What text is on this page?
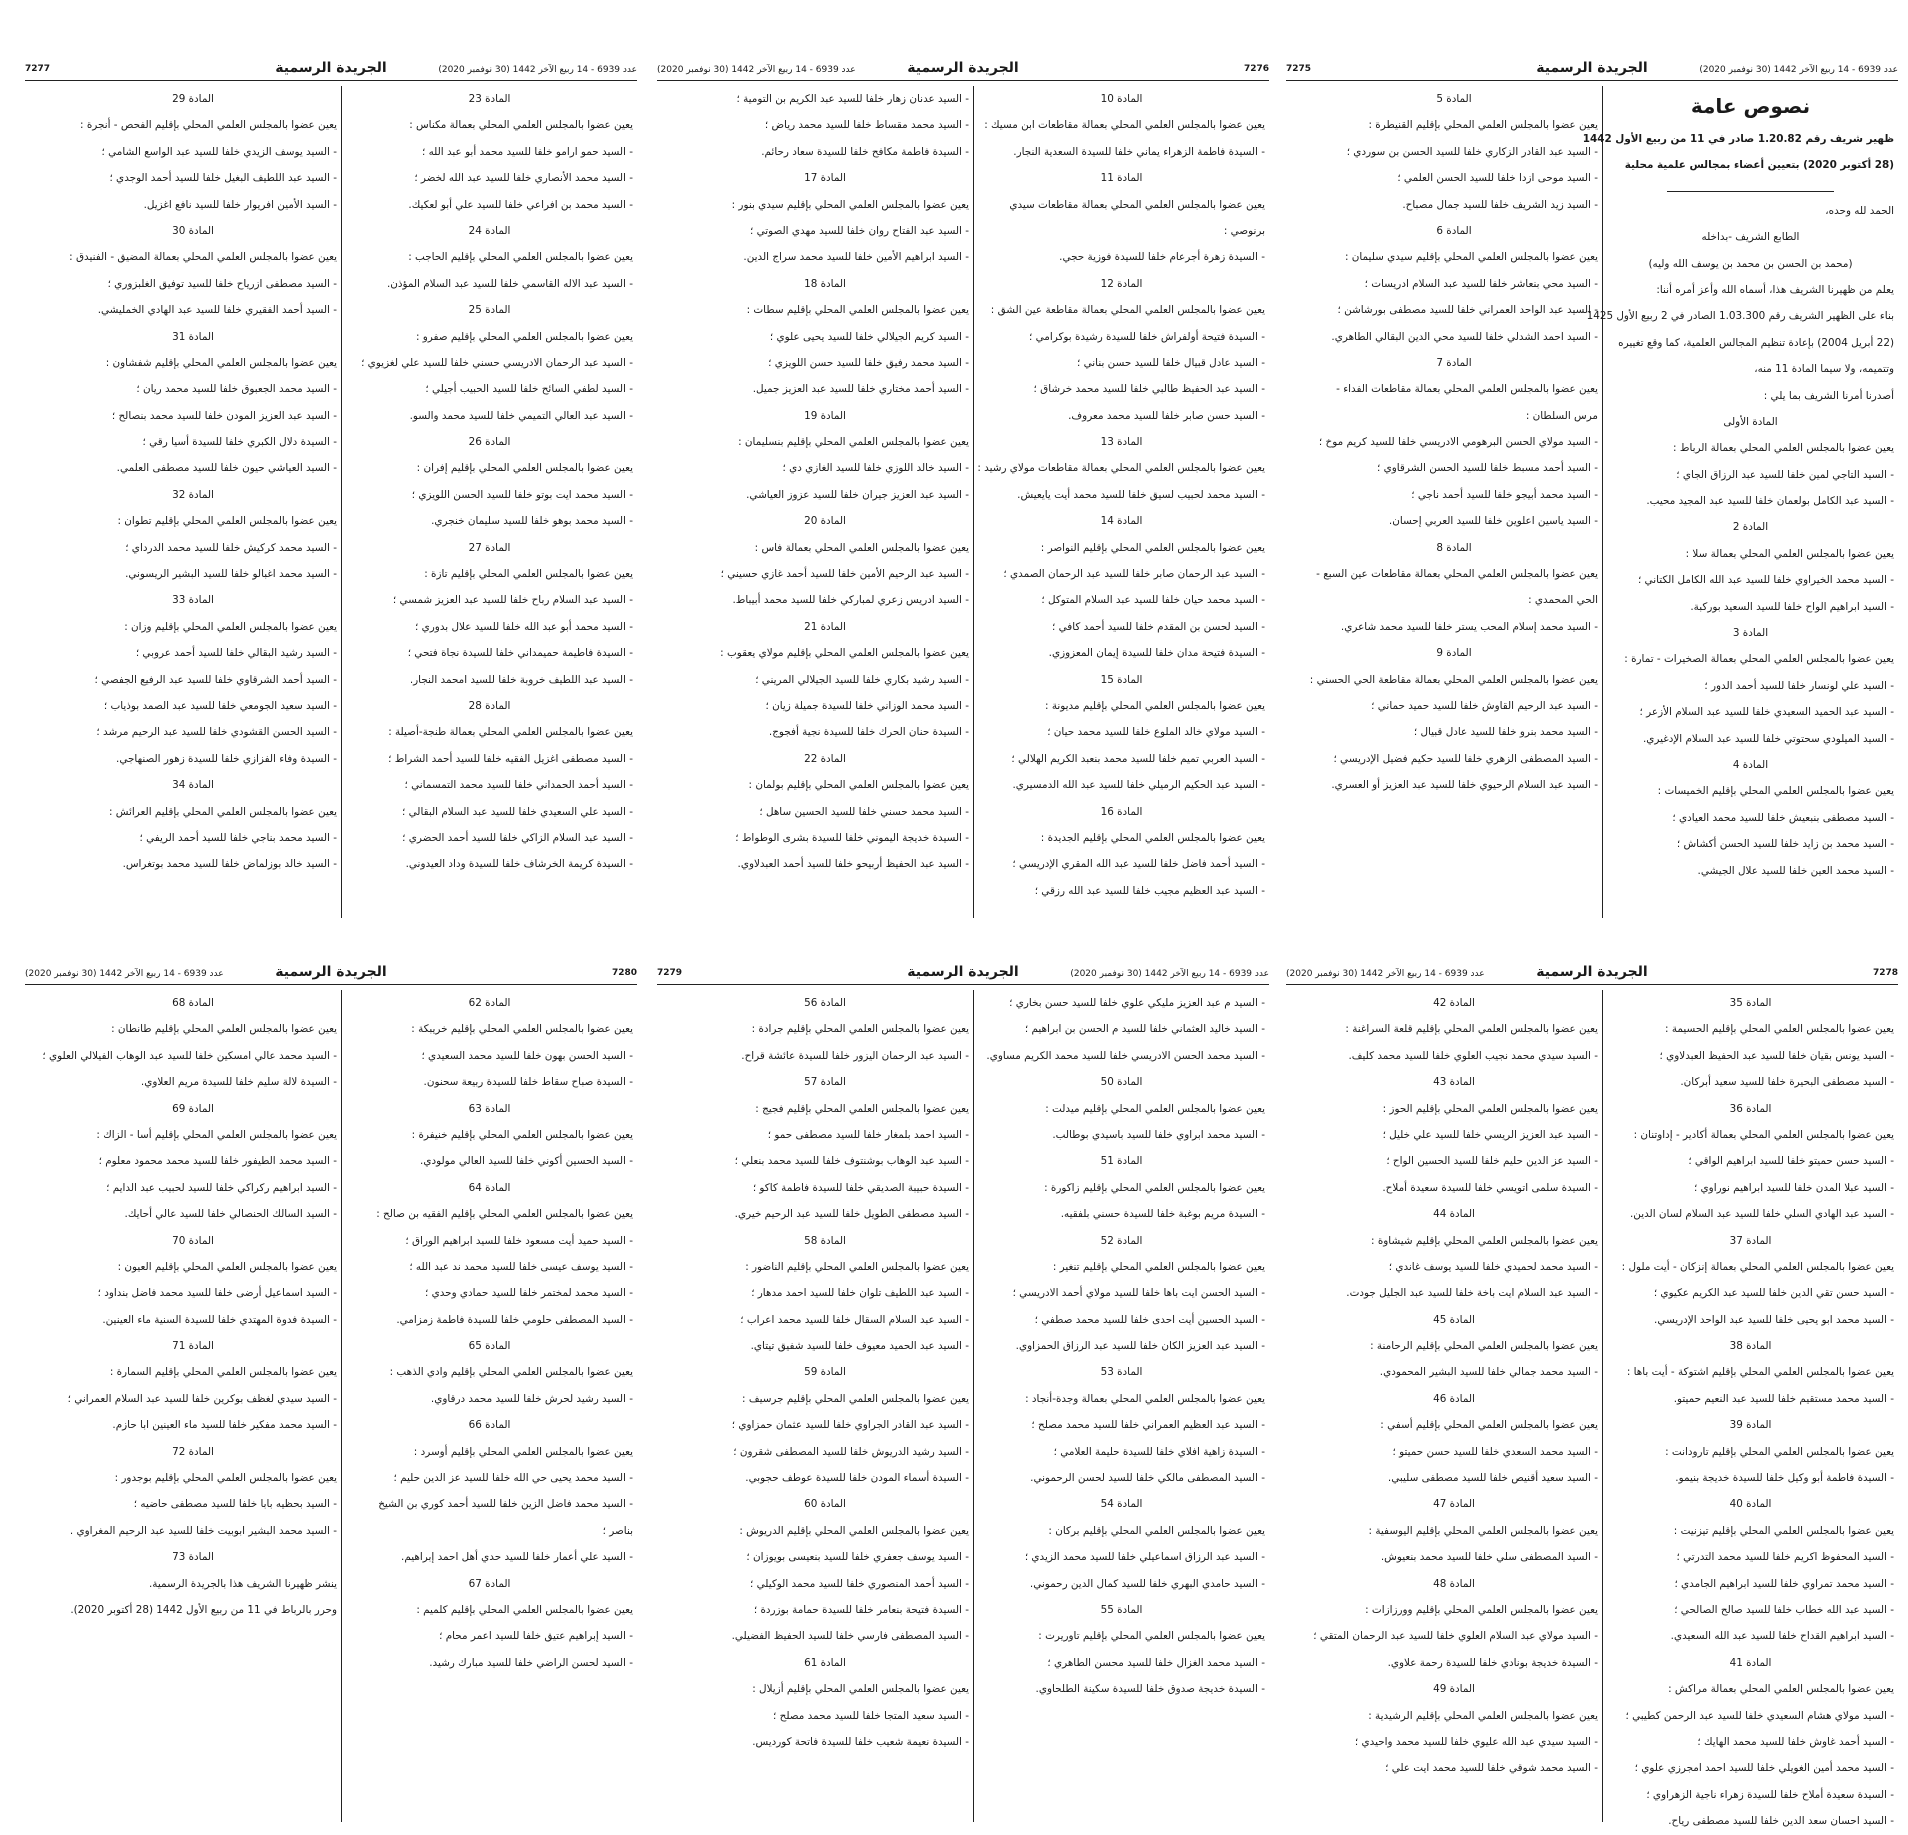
7275	الجريدة الرسمية	عدد 6939 - 14 ربيع الآخر 1442 (30 نوفمبر 2020)
نصوص عامة
ظهير شريف رقم 1.20.82 صادر في 11 من ربيع الأول 1442
(28 أكتوبر 2020) بتعيين أعضاء بمجالس علمية محلية
الحمد لله وحده،
الطابع الشريف -بداخله
(محمد بن الحسن بن محمد بن يوسف الله وليه)
يعلم من ظهيرنا الشريف هذا، أسماه الله وأعز أمره أننا:
بناء على الظهير الشريف رقم 1.03.300 الصادر في 2 ربيع الأول 1425
(22 أبريل 2004) بإعادة تنظيم المجالس العلمية، كما وقع تغييره
وتتميمه، ولا سيما المادة 11 منه،
أصدرنا أمرنا الشريف بما يلي :
المادة الأولى
يعين عضوا بالمجلس العلمي المحلي بعمالة الرباط :
- السيد التاجي لمين خلفا للسيد عبد الرزاق الجاي ؛
- السيد عبد الكامل بولعمان خلفا للسيد عبد المجيد محيب.
المادة 2
يعين عضوا بالمجلس العلمي المحلي بعمالة سلا :
- السيد محمد الخيراوي خلفا للسيد عبد الله الكامل الكتاني ؛
- السيد ابراهيم الواح خلفا للسيد السعيد بوركبة.
المادة 3
يعين عضوا بالمجلس العلمي المحلي بعمالة الصخيرات - تمارة :
- السيد علي لونسار خلفا للسيد أحمد الدور ؛
- السيد عبد الحميد السعيدي خلفا للسيد عبد السلام الأزعر ؛
- السيد الميلودي سحتوتي خلفا للسيد عبد السلام الإدغيري.
المادة 4
يعين عضوا بالمجلس العلمي المحلي بإقليم الخميسات :
- السيد مصطفى بنبعيش خلفا للسيد محمد العيادي ؛
- السيد محمد بن زايد خلفا للسيد الحسن أكشاش ؛
- السيد محمد العين خلفا للسيد علال الجيشي.
المادة 5
يعين عضوا بالمجلس العلمي المحلي بإقليم القنيطرة :
- السيد عبد القادر الزكاري خلفا للسيد الحسن بن سوردي ؛
- السيد موحى ازدا خلفا للسيد الحسن العلمي ؛
- السيد زيد الشريف خلفا للسيد جمال مصباح.
المادة 6
يعين عضوا بالمجلس العلمي المحلي بإقليم سيدي سليمان :
- السيد محي بنعاشر خلفا للسيد عبد السلام ادريسات ؛
- السيد عبد الواحد العمراني خلفا للسيد مصطفى بورشاشن ؛
- السيد احمد الشدلي خلفا للسيد محي الدين البقالي الطاهري.
المادة 7
يعين عضوا بالمجلس العلمي المحلي بعمالة مقاطعات الفداء -
مرس السلطان :
- السيد مولاي الحسن البرهومي الادريسي خلفا للسيد كريم موخ ؛
- السيد أحمد مسبط خلفا للسيد الحسن الشرقاوي ؛
- السيد محمد أبيجو خلفا للسيد أحمد ناجي ؛
- السيد ياسين اعلوين خلفا للسيد العربي إحسان.
المادة 8
يعين عضوا بالمجلس العلمي المحلي بعمالة مقاطعات عين السبع -
الحي المحمدي :
- السيد محمد إسلام المحب يستر خلفا للسيد محمد شاعري.
المادة 9
يعين عضوا بالمجلس العلمي المحلي بعمالة مقاطعة الحي الحسني :
- السيد عبد الرحيم القاوش خلفا للسيد حميد حماني ؛
- السيد محمد بنرو خلفا للسيد عادل قبيال ؛
- السيد المصطفى الزهري خلفا للسيد حكيم فضيل الإدريسي ؛
- السيد عبد السلام الرحيوي خلفا للسيد عبد العزيز أو العسري.
7276
الجريدة الرسمية
عدد 6939 - 14 ربيع الآخر 1442 (30 نوفمبر 2020)
المادة 10
يعين عضوا بالمجلس العلمي المحلي بعمالة مقاطعات ابن مسيك :
- السيدة فاطمة الزهراء يماني خلفا للسيدة السعدية النجار.
المادة 11
يعين عضوا بالمجلس العلمي المحلي بعمالة مقاطعات سيدي
برنوصي :
- السيدة زهرة أجرعام خلفا للسيدة فوزية حجي.
المادة 12
يعين عضوا بالمجلس العلمي المحلي بعمالة مقاطعة عين الشق :
- السيدة فتيحة أولفراش خلفا للسيدة رشيدة بوكرامي ؛
- السيد عادل قبيال خلفا للسيد حسن بناني ؛
- السيد عبد الحفيظ طالبي خلفا للسيد محمد خرشاق ؛
- السيد حسن صابر خلفا للسيد محمد معروف.
المادة 13
يعين عضوا بالمجلس العلمي المحلي بعمالة مقاطعات مولاي رشيد :
- السيد محمد لحبيب لسيق خلفا للسيد محمد أيت يايعيش.
المادة 14
يعين عضوا بالمجلس العلمي المحلي بإقليم النواصر :
- السيد عبد الرحمان صابر خلفا للسيد عبد الرحمان الصمدي ؛
- السيد محمد حيان خلفا للسيد عبد السلام المتوكل ؛
- السيد لحسن بن المقدم خلفا للسيد أحمد كافي ؛
- السيدة فتيحة مدان خلفا للسيدة إيمان المعزوزي.
المادة 15
يعين عضوا بالمجلس العلمي المحلي بإقليم مديونة :
- السيد مولاي خالد الملوع خلفا للسيد محمد حيان ؛
- السيد العربي تميم خلفا للسيد محمد بنعبد الكريم الهلالي ؛
- السيد عبد الحكيم الرميلي خلفا للسيد عبد الله الدمسيري.
المادة 16
يعين عضوا بالمجلس العلمي المحلي بإقليم الجديدة :
- السيد أحمد فاضل خلفا للسيد عبد الله المقري الإدريسي ؛
- السيد عبد العظيم مجيب خلفا للسيد عبد الله رزقي ؛
- السيد عدنان زهار خلفا للسيد عبد الكريم بن التومية ؛
- السيد محمد مقساط خلفا للسيد محمد رياض ؛
- السيدة فاطمة مكافح خلفا للسيدة سعاد رحائم.
المادة 17
يعين عضوا بالمجلس العلمي المحلي بإقليم سيدي بنور :
- السيد عبد الفتاح روان خلفا للسيد مهدي الصوتي ؛
- السيد ابراهيم الأمين خلفا للسيد محمد سراج الدين.
المادة 18
يعين عضوا بالمجلس العلمي المحلي بإقليم سطات :
- السيد كريم الجيلالي خلفا للسيد يحيى علوي ؛
- السيد محمد رفيق خلفا للسيد حسن اللويزي ؛
- السيد أحمد مختاري خلفا للسيد عبد العزيز جميل.
المادة 19
يعين عضوا بالمجلس العلمي المحلي بإقليم بنسليمان :
- السيد خالد اللوزي خلفا للسيد الغازي دي ؛
- السيد عبد العزيز جيران خلفا للسيد عزوز العياشي.
المادة 20
يعين عضوا بالمجلس العلمي المحلي بعمالة فاس :
- السيد عبد الرحيم الأمين خلفا للسيد أحمد غازي حسيني ؛
- السيد ادريس زعري لمباركي خلفا للسيد محمد أبيباط.
المادة 21
يعين عضوا بالمجلس العلمي المحلي بإقليم مولاي يعقوب :
- السيد رشيد بكاري خلفا للسيد الجيلالي المريني ؛
- السيد محمد الوزاني خلفا للسيدة جميلة زيان ؛
- السيدة حنان الحرك خلفا للسيدة نجية أفجوج.
المادة 22
يعين عضوا بالمجلس العلمي المحلي بإقليم بولمان :
- السيد محمد حسني خلفا للسيد الحسين ساهل ؛
- السيدة خديجة اليموني خلفا للسيدة بشرى الوطواط ؛
- السيد عبد الحفيظ أربيحو خلفا للسيد أحمد العبدلاوي.
7277	الجريدة الرسمية	عدد 6939 - 14 ربيع الآخر 1442 (30 نوفمبر 2020)
المادة 23
يعين عضوا بالمجلس العلمي المحلي بعمالة مكناس :
- السيد حمو ارامو خلفا للسيد محمد أبو عبد الله ؛
- السيد محمد الأنصاري خلفا للسيد عبد الله لخضر ؛
- السيد محمد بن افراعي خلفا للسيد علي أبو لعكيك.
المادة 24
يعين عضوا بالمجلس العلمي المحلي بإقليم الحاجب :
- السيد عبد الاله القاسمي خلفا للسيد عبد السلام المؤذن.
المادة 25
يعين عضوا بالمجلس العلمي المحلي بإقليم صفرو :
- السيد عبد الرحمان الادريسي حسني خلفا للسيد علي لغزيوي ؛
- السيد لطفي السائح خلفا للسيد الحبيب أجيلي ؛
- السيد عبد العالي التميمي خلفا للسيد محمد والسو.
المادة 26
يعين عضوا بالمجلس العلمي المحلي بإقليم إفران :
- السيد محمد ايت بوتو خلفا للسيد الحسن اللويزي ؛
- السيد محمد بوهو خلفا للسيد سليمان خنجري.
المادة 27
يعين عضوا بالمجلس العلمي المحلي بإقليم تازة :
- السيد عبد السلام رباح خلفا للسيد عبد العزيز شمسي ؛
- السيد محمد أبو عبد الله خلفا للسيد علال بدوري ؛
- السيدة فاطيمة حميمداني خلفا للسيدة نجاة فتحي ؛
- السيد عبد اللطيف خروبة خلفا للسيد امحمد النجار.
المادة 28
يعين عضوا بالمجلس العلمي المحلي بعمالة طنجة-أصيلة :
- السيد مصطفى اغزيل الفقيه خلفا للسيد أحمد الشراط ؛
- السيد أحمد الحمداني خلفا للسيد محمد التمسماني ؛
- السيد علي السعيدي خلفا للسيد عبد السلام البقالي ؛
- السيد عبد السلام الزاكي خلفا للسيد أحمد الحضري ؛
- السيدة كريمة الخرشاف خلفا للسيدة وداد العيدوني.
المادة 29
يعين عضوا بالمجلس العلمي المحلي بإقليم الفحص - أنجرة :
- السيد يوسف الزيدي خلفا للسيد عبد الواسع الشامي ؛
- السيد عبد اللطيف البغيل خلفا للسيد أحمد الوجدي ؛
- السيد الأمين افريوار خلفا للسيد نافع اغزيل.
المادة 30
يعين عضوا بالمجلس العلمي المحلي بعمالة المضيق - الفنيدق :
- السيد مصطفى ازرياح خلفا للسيد توفيق الغلبزوري ؛
- السيد أحمد الفقيري خلفا للسيد عبد الهادي الخمليشي.
المادة 31
يعين عضوا بالمجلس العلمي المحلي بإقليم شفشاون :
- السيد محمد الجعبوق خلفا للسيد محمد ريان ؛
- السيد عبد العزيز المودن خلفا للسيد محمد بنصالح ؛
- السيدة دلال الكبري خلفا للسيدة أسيا رقي ؛
- السيد العياشي حيون خلفا للسيد مصطفى العلمي.
المادة 32
يعين عضوا بالمجلس العلمي المحلي بإقليم تطوان :
- السيد محمد كركيش خلفا للسيد محمد الدرداي ؛
- السيد محمد اغبالو خلفا للسيد البشير الريسوني.
المادة 33
يعين عضوا بالمجلس العلمي المحلي بإقليم وزان :
- السيد رشيد البقالي خلفا للسيد أحمد عروبي ؛
- السيد أحمد الشرقاوي خلفا للسيد عبد الرفيع الجفصي ؛
- السيد سعيد الجومعي خلفا للسيد عبد الصمد بوذياب ؛
- السيد الحسن القشودي خلفا للسيد عبد الرحيم مرشد ؛
- السيدة وفاء الفزازي خلفا للسيدة زهور الصنهاجي.
المادة 34
يعين عضوا بالمجلس العلمي المحلي بإقليم العرائش :
- السيد محمد بناجي خلفا للسيد أحمد الريفي ؛
- السيد خالد بوزلماض خلفا للسيد محمد بوتغراس.
7278
الجريدة الرسمية
عدد 6939 - 14 ربيع الآخر 1442 (30 نوفمبر 2020)
المادة 35
يعين عضوا بالمجلس العلمي المحلي بإقليم الحسيمة :
- السيد يونس بقيان خلفا للسيد عبد الحفيظ العبدلاوي ؛
- السيد مصطفى البحيرة خلفا للسيد سعيد أبركان.
المادة 36
يعين عضوا بالمجلس العلمي المحلي بعمالة أكادير - إداوتنان :
- السيد حسن حميتو خلفا للسيد ابراهيم الواقي ؛
- السيد عبلا المدن خلفا للسيد ابراهيم نوراوي ؛
- السيد عبد الهادي السلي خلفا للسيد عبد السلام لسان الدين.
المادة 37
يعين عضوا بالمجلس العلمي المحلي بعمالة إنزكان - أيت ملول :
- السيد حسن تقي الدين خلفا للسيد عبد الكريم عكيوي ؛
- السيد محمد ابو يحيى خلفا للسيد عبد الواحد الإدريسي.
المادة 38
يعين عضوا بالمجلس العلمي المحلي بإقليم اشتوكة - أيت باها :
- السيد محمد مستقيم خلفا للسيد عبد النعيم حميتو.
المادة 39
يعين عضوا بالمجلس العلمي المحلي بإقليم تارودانت :
- السيدة فاطمة أبو وكيل خلفا للسيدة خديجة بنيمو.
المادة 40
يعين عضوا بالمجلس العلمي المحلي بإقليم تيزنيت :
- السيد المحفوظ اكريم خلفا للسيد محمد التدرتي ؛
- السيد محمد تمراوي خلفا للسيد ابراهيم الجامدي ؛
- السيد عبد الله خطاب خلفا للسيد صالح الصالحي ؛
- السيد ابراهيم القداح خلفا للسيد عبد الله السعيدي.
المادة 41
يعين عضوا بالمجلس العلمي المحلي بعمالة مراكش :
- السيد مولاي هشام السعيدي خلفا للسيد عبد الرحمن كطيبي ؛
- السيد أحمد غاوش خلفا للسيد محمد الهايك ؛
- السيد محمد أمين الغويلي خلفا للسيد احمد امجرزي علوي ؛
- السيدة سعيدة أملاح خلفا للسيدة زهراء ناجية الزهراوي ؛
- السيد احسان سعد الدين خلفا للسيد مصطفى رياح.
المادة 42
يعين عضوا بالمجلس العلمي المحلي بإقليم قلعة السراغنة :
- السيد سيدي محمد نجيب العلوي خلفا للسيد محمد كليف.
المادة 43
يعين عضوا بالمجلس العلمي المحلي بإقليم الحوز :
- السيد عبد العزيز الريسي خلفا للسيد علي خليل ؛
- السيد عز الدين حليم خلفا للسيد الحسين الواح ؛
- السيدة سلمى اتويسي خلفا للسيدة سعيدة أملاح.
المادة 44
يعين عضوا بالمجلس العلمي المحلي بإقليم شيشاوة :
- السيد محمد لحميدي خلفا للسيد يوسف غاندي ؛
- السيد عبد السلام ايت باخة خلفا للسيد عبد الجليل جودت.
المادة 45
يعين عضوا بالمجلس العلمي المحلي بإقليم الرحامنة :
- السيد محمد جمالي خلفا للسيد البشير المحمودي.
المادة 46
يعين عضوا بالمجلس العلمي المحلي بإقليم أسفي :
- السيد محمد السعدي خلفا للسيد حسن حميتو ؛
- السيد سعيد أقنيص خلفا للسيد مصطفى سليبي.
المادة 47
يعين عضوا بالمجلس العلمي المحلي بإقليم اليوسفية :
- السيد المصطفى سلي خلفا للسيد محمد بنعيوش.
المادة 48
يعين عضوا بالمجلس العلمي المحلي بإقليم وورزازات :
- السيد مولاي عبد السلام العلوي خلفا للسيد عبد الرحمان المتقي ؛
- السيدة خديجة بونادي خلفا للسيدة رحمة علاوي.
المادة 49
يعين عضوا بالمجلس العلمي المحلي بإقليم الرشيدية :
- السيد سيدي عبد الله عليوي خلفا للسيد محمد واحيدي ؛
- السيد محمد شوقي خلفا للسيد محمد ايت علي ؛
7279	الجريدة الرسمية	عدد 6939 - 14 ربيع الآخر 1442 (30 نوفمبر 2020)
- السيد م عبد العزيز مليكي علوي خلفا للسيد حسن بخاري ؛
- السيد خاليد العثماني خلفا للسيد م الحسن بن ابراهيم ؛
- السيد محمد الحسن الادريسي خلفا للسيد محمد الكريم مساوي.
المادة 50
يعين عضوا بالمجلس العلمي المحلي بإقليم ميدلت :
- السيد محمد ابراوي خلفا للسيد باسيدي بوطالب.
المادة 51
يعين عضوا بالمجلس العلمي المحلي بإقليم زاكورة :
- السيدة مريم بوغبة خلفا للسيدة حسني بلفقيه.
المادة 52
يعين عضوا بالمجلس العلمي المحلي بإقليم تنغير :
- السيد الحسن ايت باها خلفا للسيد مولاي أحمد الادريسي ؛
- السيد الحسين أيت احدى خلفا للسيد محمد صطفي ؛
- السيد عبد العزيز الكان خلفا للسيد عبد الرزاق الحمزاوي.
المادة 53
يعين عضوا بالمجلس العلمي المحلي بعمالة وجدة-أنجاد :
- السيد عبد العظيم العمراني خلفا للسيد محمد مصلح ؛
- السيدة زاهية افلاي خلفا للسيدة حليمة العلامي ؛
- السيد المصطفى مالكي خلفا للسيد لحسن الرحموني.
المادة 54
يعين عضوا بالمجلس العلمي المحلي بإقليم بركان :
- السيد عبد الرزاق اسماعيلي خلفا للسيد محمد الزيدي ؛
- السيد حامدي البهري خلفا للسيد كمال الدين رحموني.
المادة 55
يعين عضوا بالمجلس العلمي المحلي بإقليم تاوريرت :
- السيد محمد الغزال خلفا للسيد محسن الطاهري ؛
- السيدة خديجة صدوق خلفا للسيدة سكينة الطلحاوي.
المادة 56
يعين عضوا بالمجلس العلمي المحلي بإقليم جرادة :
- السيد عبد الرحمان اليزور خلفا للسيدة عائشة قراح.
المادة 57
يعين عضوا بالمجلس العلمي المحلي بإقليم فجيج :
- السيد احمد بلمغار خلفا للسيد مصطفى حمو ؛
- السيد عبد الوهاب بوشنتوف خلفا للسيد محمد بنعلي ؛
- السيدة حبيبة الصديقي خلفا للسيدة فاطمة كاكو ؛
- السيد مصطفى الطويل خلفا للسيد عبد الرحيم خيري.
المادة 58
يعين عضوا بالمجلس العلمي المحلي بإقليم الناضور :
- السيد عبد اللطيف تلوان خلفا للسيد احمد مدهار ؛
- السيد عبد السلام السقال خلفا للسيد محمد اعراب ؛
- السيد عبد الحميد معيوف خلفا للسيد شفيق تيتاي.
المادة 59
يعين عضوا بالمجلس العلمي المحلي بإقليم جرسيف :
- السيد عبد القادر الجراوي خلفا للسيد عثمان حمزاوي ؛
- السيد رشيد الدريوش خلفا للسيد المصطفى شقرون ؛
- السيدة أسماء المودن خلفا للسيدة عوطف حجوبي.
المادة 60
يعين عضوا بالمجلس العلمي المحلي بإقليم الدريوش :
- السيد يوسف جعفري خلفا للسيد بنعيسى بويوزان ؛
- السيد أحمد المنصوري خلفا للسيد محمد الوكيلي ؛
- السيدة فتيحة بنعامر خلفا للسيدة حمامة بوزردة ؛
- السيد المصطفى فارسي خلفا للسيد الحفيظ الفضيلي.
المادة 61
يعين عضوا بالمجلس العلمي المحلي بإقليم أزيلال :
- السيد سعيد المتجا خلفا للسيد محمد مصلح ؛
- السيدة نعيمة شعيب خلفا للسيدة فاتحة كورديس.
7280
الجريدة الرسمية
عدد 6939 - 14 ربيع الآخر 1442 (30 نوفمبر 2020)
المادة 62
يعين عضوا بالمجلس العلمي المحلي بإقليم خريبكة :
- السيد الحسن بهون خلفا للسيد محمد السعيدي ؛
- السيدة صباح سقاط خلفا للسيدة ربيعة سحنون.
المادة 63
يعين عضوا بالمجلس العلمي المحلي بإقليم خنيفرة :
- السيد الحسين أكوني خلفا للسيد العالي مولودي.
المادة 64
يعين عضوا بالمجلس العلمي المحلي بإقليم الفقيه بن صالح :
- السيد حميد أيت مسعود خلفا للسيد ابراهيم الوراق ؛
- السيد يوسف عيسى خلفا للسيد محمد ند عبد الله ؛
- السيد محمد لمختمر خلفا للسيد حمادي وحدي ؛
- السيد المصطفى حلومي خلفا للسيدة فاطمة زمزامي.
المادة 65
يعين عضوا بالمجلس العلمي المحلي بإقليم وادي الذهب :
- السيد رشيد لحرش خلفا للسيد محمد درقاوي.
المادة 66
يعين عضوا بالمجلس العلمي المحلي بإقليم أوسرد :
- السيد محمد يحيى حي الله خلفا للسيد عز الدين حليم ؛
- السيد محمد فاضل الزين خلفا للسيد أحمد كوري بن الشيخ
بناصر ؛
- السيد علي أعمار خلفا للسيد حدي أهل احمد إبراهيم.
المادة 67
يعين عضوا بالمجلس العلمي المحلي بإقليم كلميم :
- السيد إبراهيم عتيق خلفا للسيد اعمر محام ؛
- السيد لحسن الراضي خلفا للسيد مبارك رشيد.
المادة 68
يعين عضوا بالمجلس العلمي المحلي بإقليم طانطان :
- السيد محمد عالي امسكين خلفا للسيد عبد الوهاب الفيلالي العلوي ؛
- السيدة لالة سليم خلفا للسيدة مريم العلاوي.
المادة 69
يعين عضوا بالمجلس العلمي المحلي بإقليم أسا - الزاك :
- السيد محمد الطيفور خلفا للسيد محمد محمود معلوم ؛
- السيد ابراهيم ركراكي خلفا للسيد لحبيب عبد الدايم ؛
- السيد السالك الحنصالي خلفا للسيد عالي أحايك.
المادة 70
يعين عضوا بالمجلس العلمي المحلي بإقليم العيون :
- السيد اسماعيل أرضى خلفا للسيد محمد فاضل بنداود ؛
- السيدة فدوة المهتدي خلفا للسيدة السنية ماء العينين.
المادة 71
يعين عضوا بالمجلس العلمي المحلي بإقليم السمارة :
- السيد سيدي لغظف بوكرين خلفا للسيد عبد السلام العمراني ؛
- السيد محمد مفكير خلفا للسيد ماء العينين ابا حازم.
المادة 72
يعين عضوا بالمجلس العلمي المحلي بإقليم بوجدور :
- السيد بحظيه بابا خلفا للسيد مصطفى حاضيه ؛
- السيد محمد البشير ابوبيت خلفا للسيد عبد الرحيم المغراوي .
المادة 73
ينشر ظهيرنا الشريف هذا بالجريدة الرسمية.
وحرر بالرباط في 11 من ربيع الأول 1442 (28 أكتوبر 2020).
